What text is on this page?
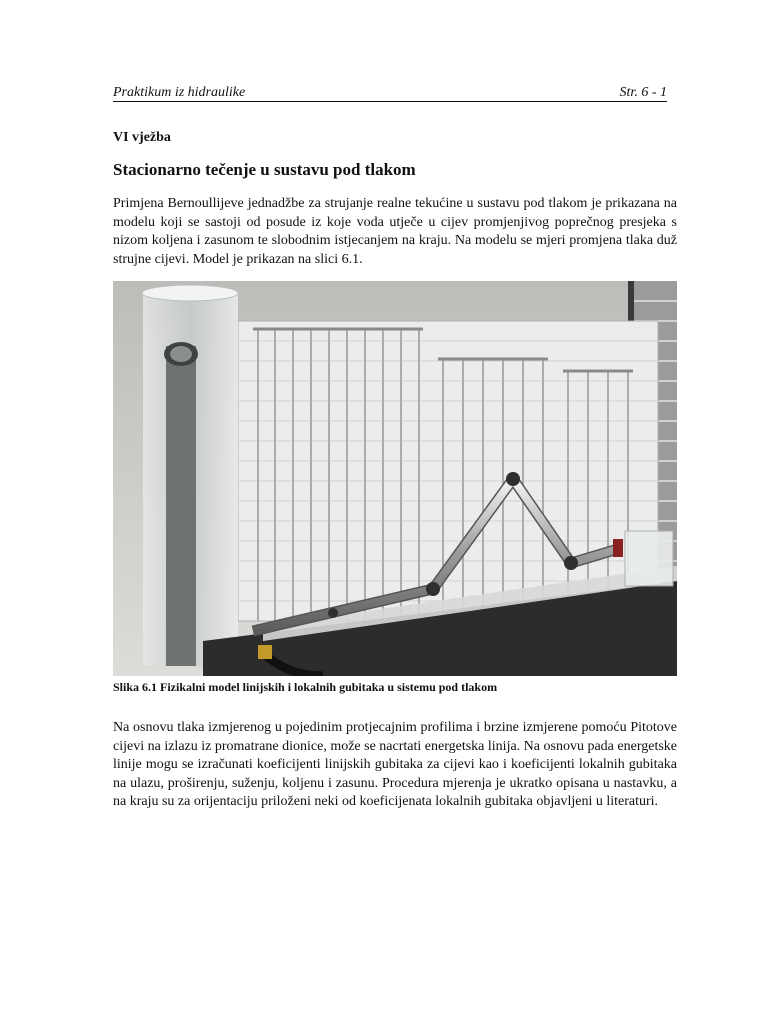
Praktikum iz hidraulike	Str. 6 - 1
VI vježba
Stacionarno tečenje u sustavu pod tlakom

Primjena Bernoullijeve jednadžbe za strujanje realne tekućine u sustavu pod tlakom je prikazana na modelu koji se sastoji od posude iz koje voda utječe u cijev promjenjivog poprečnog presjeka s nizom koljena i zasunom te slobodnim istjecanjem na kraju. Na modelu se mjeri promjena tlaka duž strujne cijevi. Model je prikazan na slici 6.1.

Slika 6.1 Fizikalni model linijskih i lokalnih gubitaka u sistemu pod tlakom

Na osnovu tlaka izmjerenog u pojedinim protjecajnim profilima i brzine izmjerene pomoću Pitotove cijevi na izlazu iz promatrane dionice, može se nacrtati energetska linija. Na osnovu pada energetske linije mogu se izračunati koeficijenti linijskih gubitaka za cijevi kao i koeficijenti lokalnih gubitaka na ulazu, proširenju, suženju, koljenu i zasunu. Procedura mjerenja je ukratko opisana u nastavku, a na kraju su za orijentaciju priloženi neki od koeficijenata lokalnih gubitaka objavljeni u literaturi.
